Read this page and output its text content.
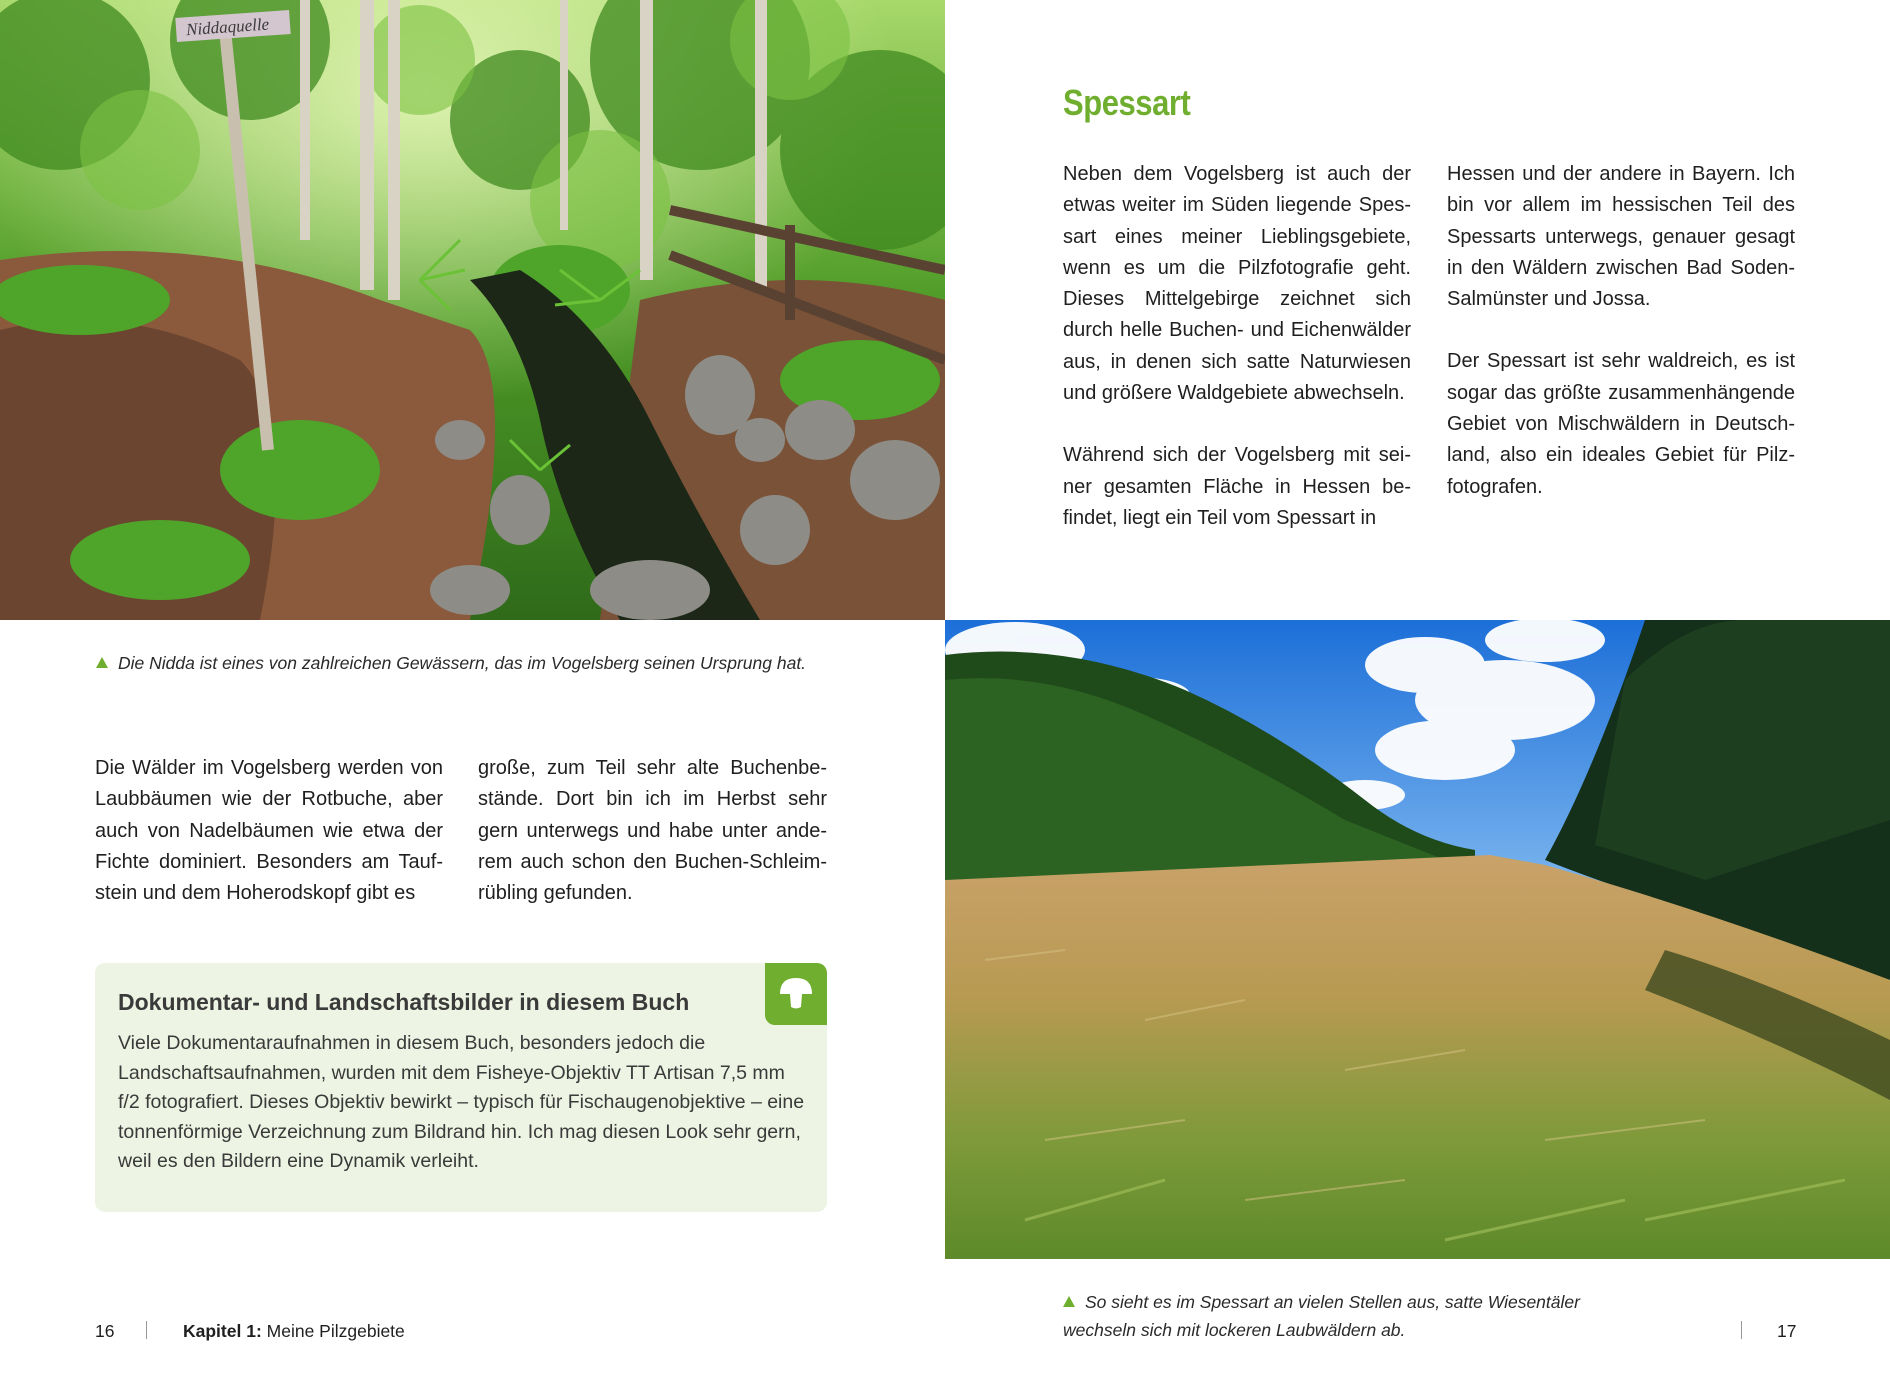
Niddaquelle
Spessart

Neben dem Vogelsberg ist auch der etwas weiter im Süden liegende Spessart eines meiner Lieblingsgebiete, wenn es um die Pilzfotografie geht. Dieses Mittelgebirge zeichnet sich durch helle Buchen- und Eichenwälder aus, in denen sich satte Naturwiesen und größere Waldgebiete abwechseln.

Während sich der Vogelsberg mit seiner gesamten Fläche in Hessen befindet, liegt ein Teil vom Spessart in

Hessen und der andere in Bayern. Ich bin vor allem im hessischen Teil des Spessarts unterwegs, genauer gesagt in den Wäldern zwischen Bad Soden-Salmünster und Jossa.

Der Spessart ist sehr waldreich, es ist sogar das größte zusammenhängende Gebiet von Mischwäldern in Deutschland, also ein ideales Gebiet für Pilzfotografen.

Die Nidda ist eines von zahlreichen Gewässern, das im Vogelsberg seinen Ursprung hat.

Die Wälder im Vogelsberg werden von Laubbäumen wie der Rotbuche, aber auch von Nadelbäumen wie etwa der Fichte dominiert. Besonders am Taufstein und dem Hoherodskopf gibt es

große, zum Teil sehr alte Buchenbestände. Dort bin ich im Herbst sehr gern unterwegs und habe unter anderem auch schon den Buchen-Schleimrübling gefunden.

Dokumentar- und Landschaftsbilder in diesem Buch
Viele Dokumentaraufnahmen in diesem Buch, besonders jedoch die Landschaftsaufnahmen, wurden mit dem Fisheye-Objektiv TT Artisan 7,5 mm f/2 fotografiert. Dieses Objektiv bewirkt – typisch für Fischaugenobjektive – eine tonnenförmige Verzeichnung zum Bildrand hin. Ich mag diesen Look sehr gern, weil es den Bildern eine Dynamik verleiht.
So sieht es im Spessart an vielen Stellen aus, satte Wiesentäler wechseln sich mit lockeren Laubwäldern ab.
16	Kapitel 1: Meine Pilzgebiete	17
